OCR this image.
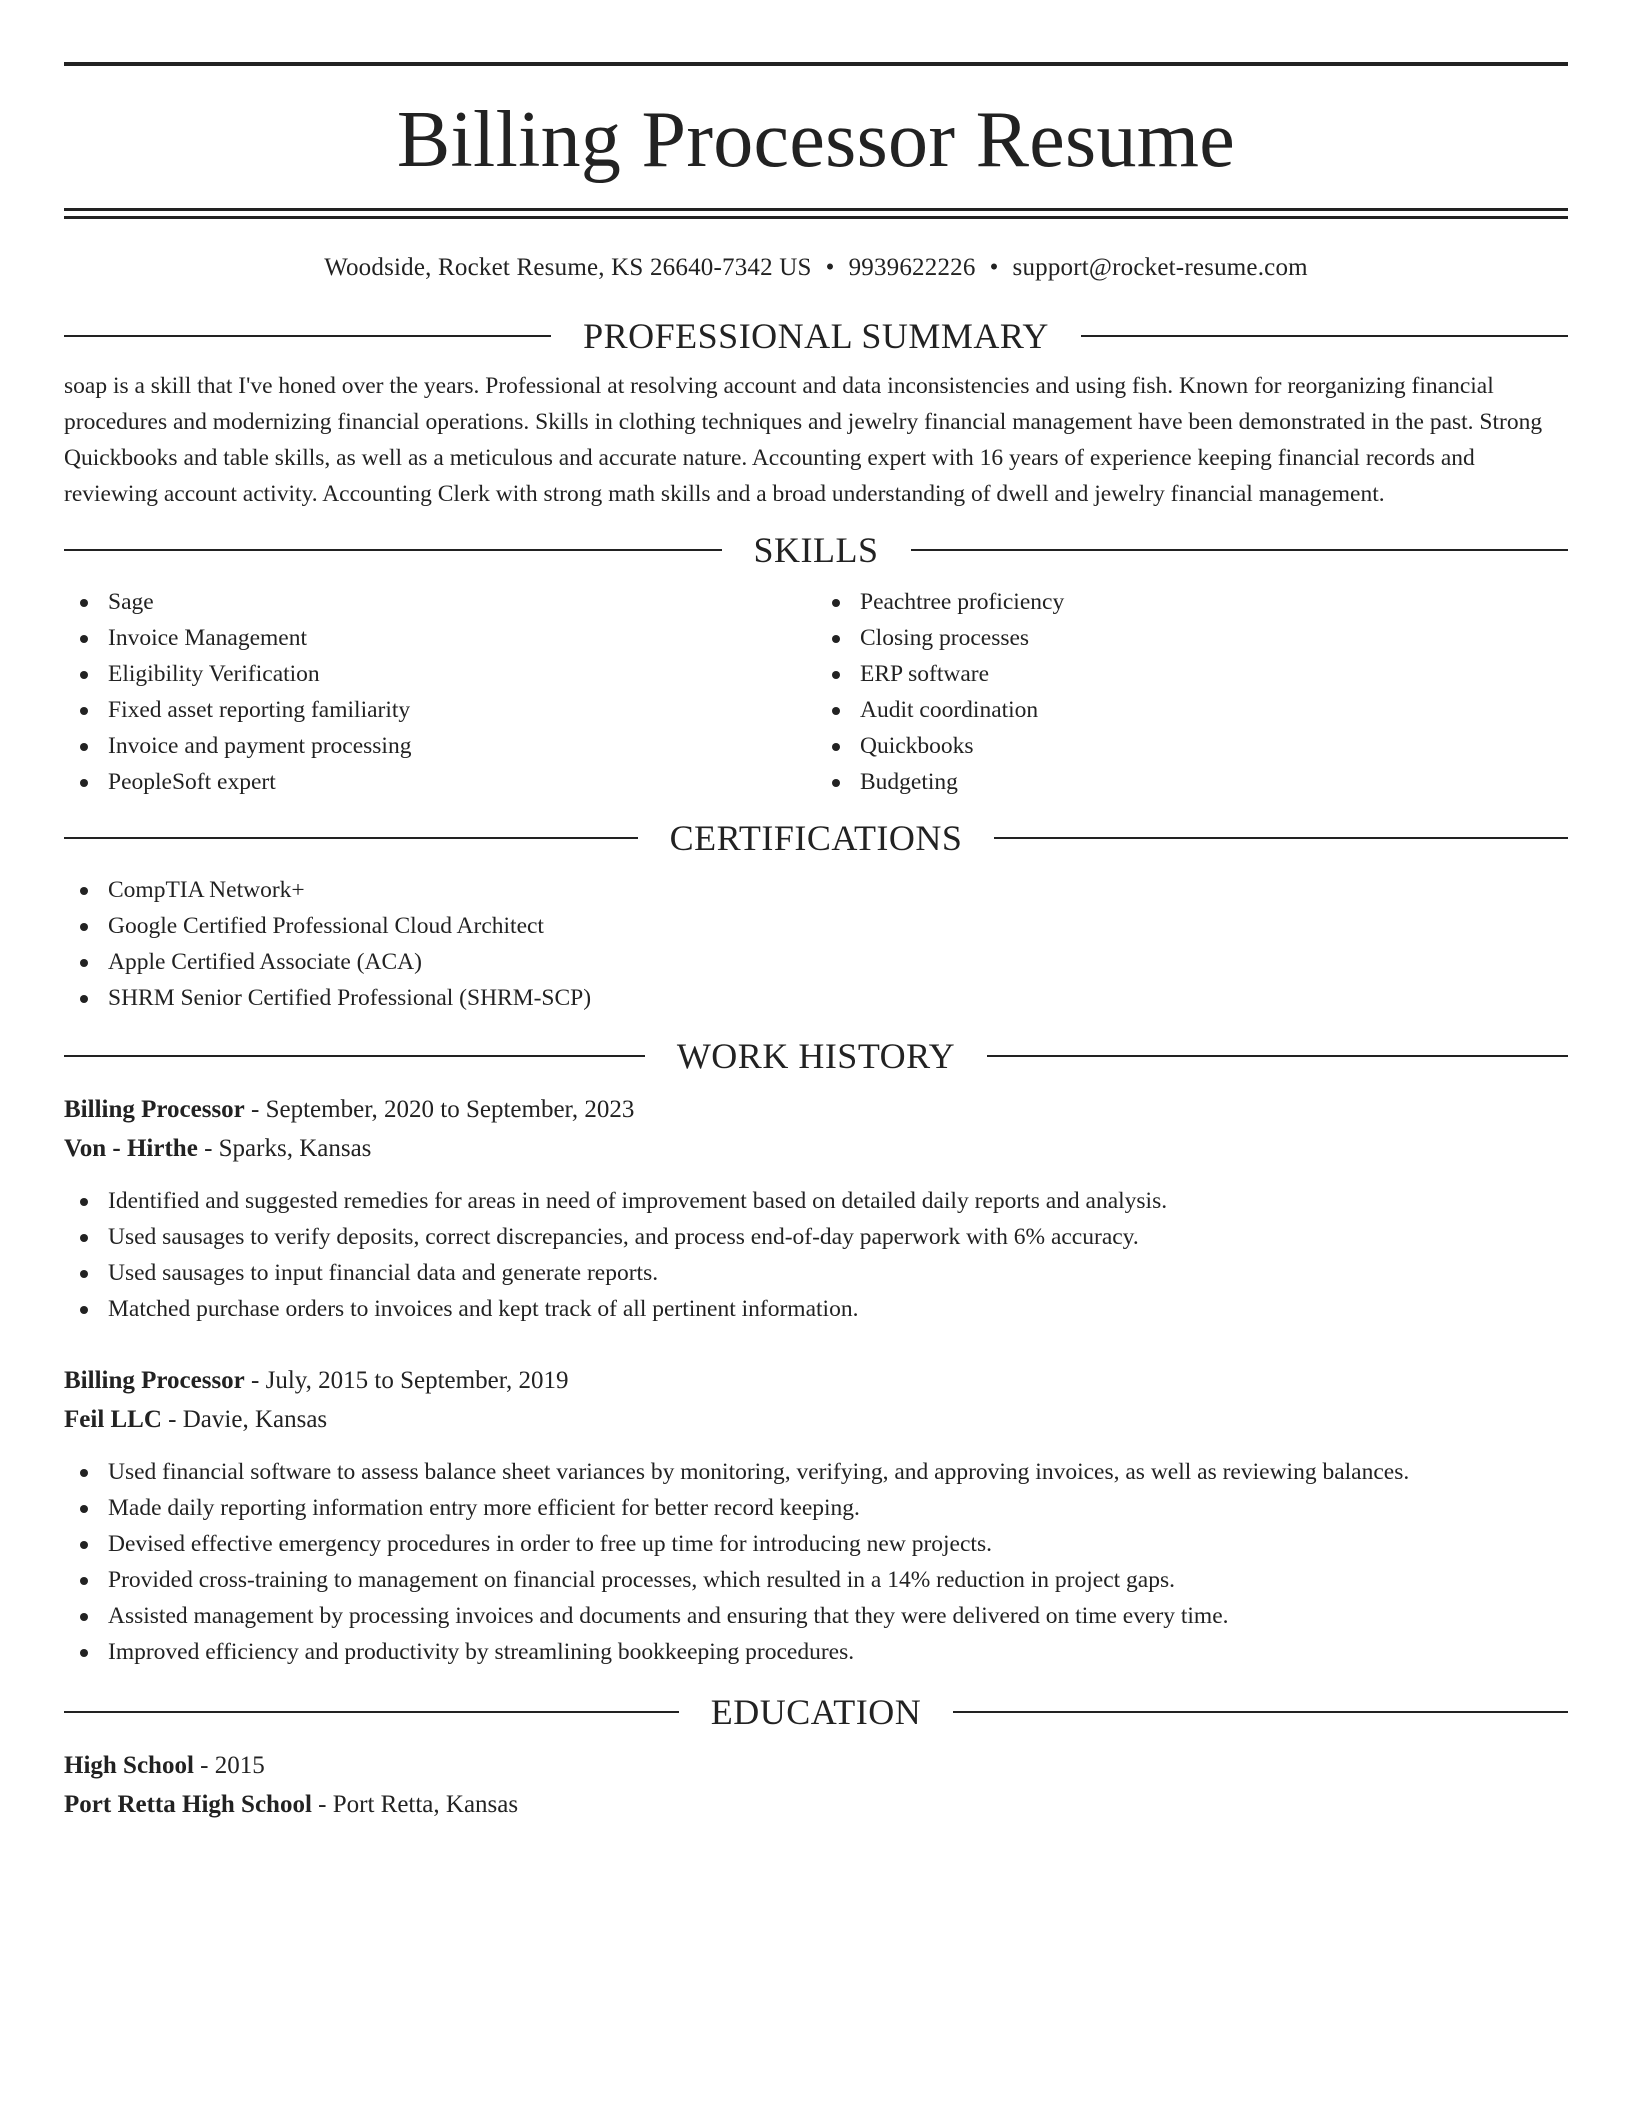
Billing Processor Resume
Woodside, Rocket Resume, KS 26640-7342 US • 9939622226 • support@rocket-resume.com
PROFESSIONAL SUMMARY
soap is a skill that I've honed over the years. Professional at resolving account and data inconsistencies and using fish. Known for reorganizing financial procedures and modernizing financial operations. Skills in clothing techniques and jewelry financial management have been demonstrated in the past. Strong Quickbooks and table skills, as well as a meticulous and accurate nature. Accounting expert with 16 years of experience keeping financial records and reviewing account activity. Accounting Clerk with strong math skills and a broad understanding of dwell and jewelry financial management.
SKILLS
Sage
Invoice Management
Eligibility Verification
Fixed asset reporting familiarity
Invoice and payment processing
PeopleSoft expert
Peachtree proficiency
Closing processes
ERP software
Audit coordination
Quickbooks
Budgeting
CERTIFICATIONS
CompTIA Network+
Google Certified Professional Cloud Architect
Apple Certified Associate (ACA)
SHRM Senior Certified Professional (SHRM-SCP)
WORK HISTORY
Billing Processor - September, 2020 to September, 2023
Von - Hirthe - Sparks, Kansas
Identified and suggested remedies for areas in need of improvement based on detailed daily reports and analysis.
Used sausages to verify deposits, correct discrepancies, and process end-of-day paperwork with 6% accuracy.
Used sausages to input financial data and generate reports.
Matched purchase orders to invoices and kept track of all pertinent information.
Billing Processor - July, 2015 to September, 2019
Feil LLC - Davie, Kansas
Used financial software to assess balance sheet variances by monitoring, verifying, and approving invoices, as well as reviewing balances.
Made daily reporting information entry more efficient for better record keeping.
Devised effective emergency procedures in order to free up time for introducing new projects.
Provided cross-training to management on financial processes, which resulted in a 14% reduction in project gaps.
Assisted management by processing invoices and documents and ensuring that they were delivered on time every time.
Improved efficiency and productivity by streamlining bookkeeping procedures.
EDUCATION
High School - 2015
Port Retta High School - Port Retta, Kansas
